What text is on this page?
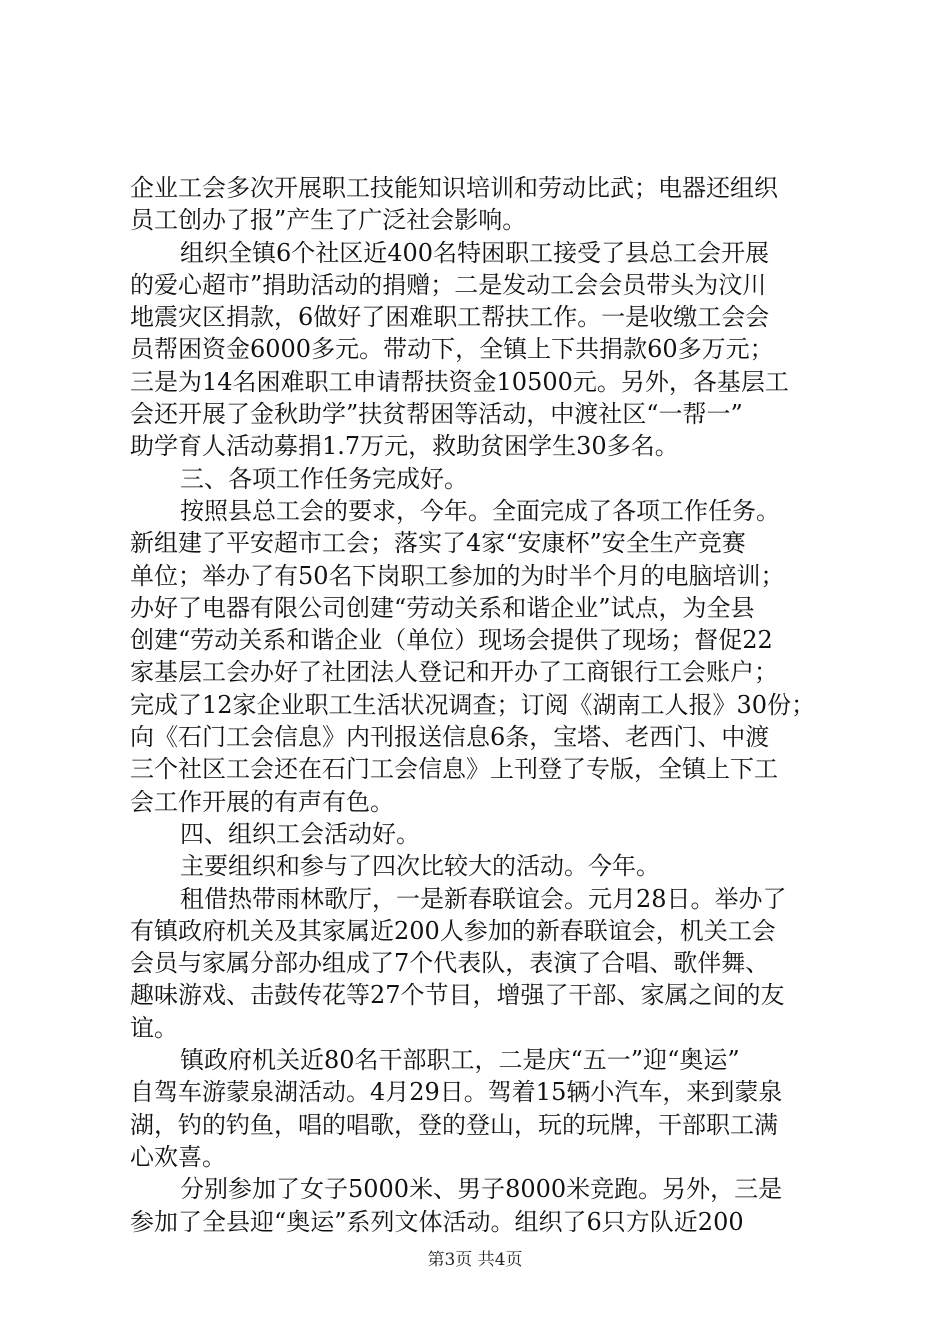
企业工会多次开展职工技能知识培训和劳动比武；电器还组织
员工创办了报”产生了广泛社会影响。
组织全镇6个社区近400名特困职工接受了县总工会开展
的爱心超市”捐助活动的捐赠；二是发动工会会员带头为汶川
地震灾区捐款，6做好了困难职工帮扶工作。一是收缴工会会
员帮困资金6000多元。带动下，全镇上下共捐款60多万元；
三是为14名困难职工申请帮扶资金10500元。另外，各基层工
会还开展了金秋助学”扶贫帮困等活动，中渡社区“一帮一”
助学育人活动募捐1.7万元，救助贫困学生30多名。
三、各项工作任务完成好。
按照县总工会的要求，今年。全面完成了各项工作任务。
新组建了平安超市工会；落实了4家“安康杯”安全生产竞赛
单位；举办了有50名下岗职工参加的为时半个月的电脑培训；
办好了电器有限公司创建“劳动关系和谐企业”试点，为全县
创建“劳动关系和谐企业（单位）现场会提供了现场；督促22
家基层工会办好了社团法人登记和开办了工商银行工会账户；
完成了12家企业职工生活状况调查；订阅《湖南工人报》30份；
向《石门工会信息》内刊报送信息6条，宝塔、老西门、中渡
三个社区工会还在石门工会信息》上刊登了专版，全镇上下工
会工作开展的有声有色。
四、组织工会活动好。
主要组织和参与了四次比较大的活动。今年。
租借热带雨林歌厅，一是新春联谊会。元月28日。举办了
有镇政府机关及其家属近200人参加的新春联谊会，机关工会
会员与家属分部办组成了7个代表队，表演了合唱、歌伴舞、
趣味游戏、击鼓传花等27个节目，增强了干部、家属之间的友
谊。
镇政府机关近80名干部职工，二是庆“五一”迎“奥运”
自驾车游蒙泉湖活动。4月29日。驾着15辆小汽车，来到蒙泉
湖，钓的钓鱼，唱的唱歌，登的登山，玩的玩牌，干部职工满
心欢喜。
分别参加了女子5000米、男子8000米竞跑。另外，三是
参加了全县迎“奥运”系列文体活动。组织了6只方队近200
第3页 共4页
